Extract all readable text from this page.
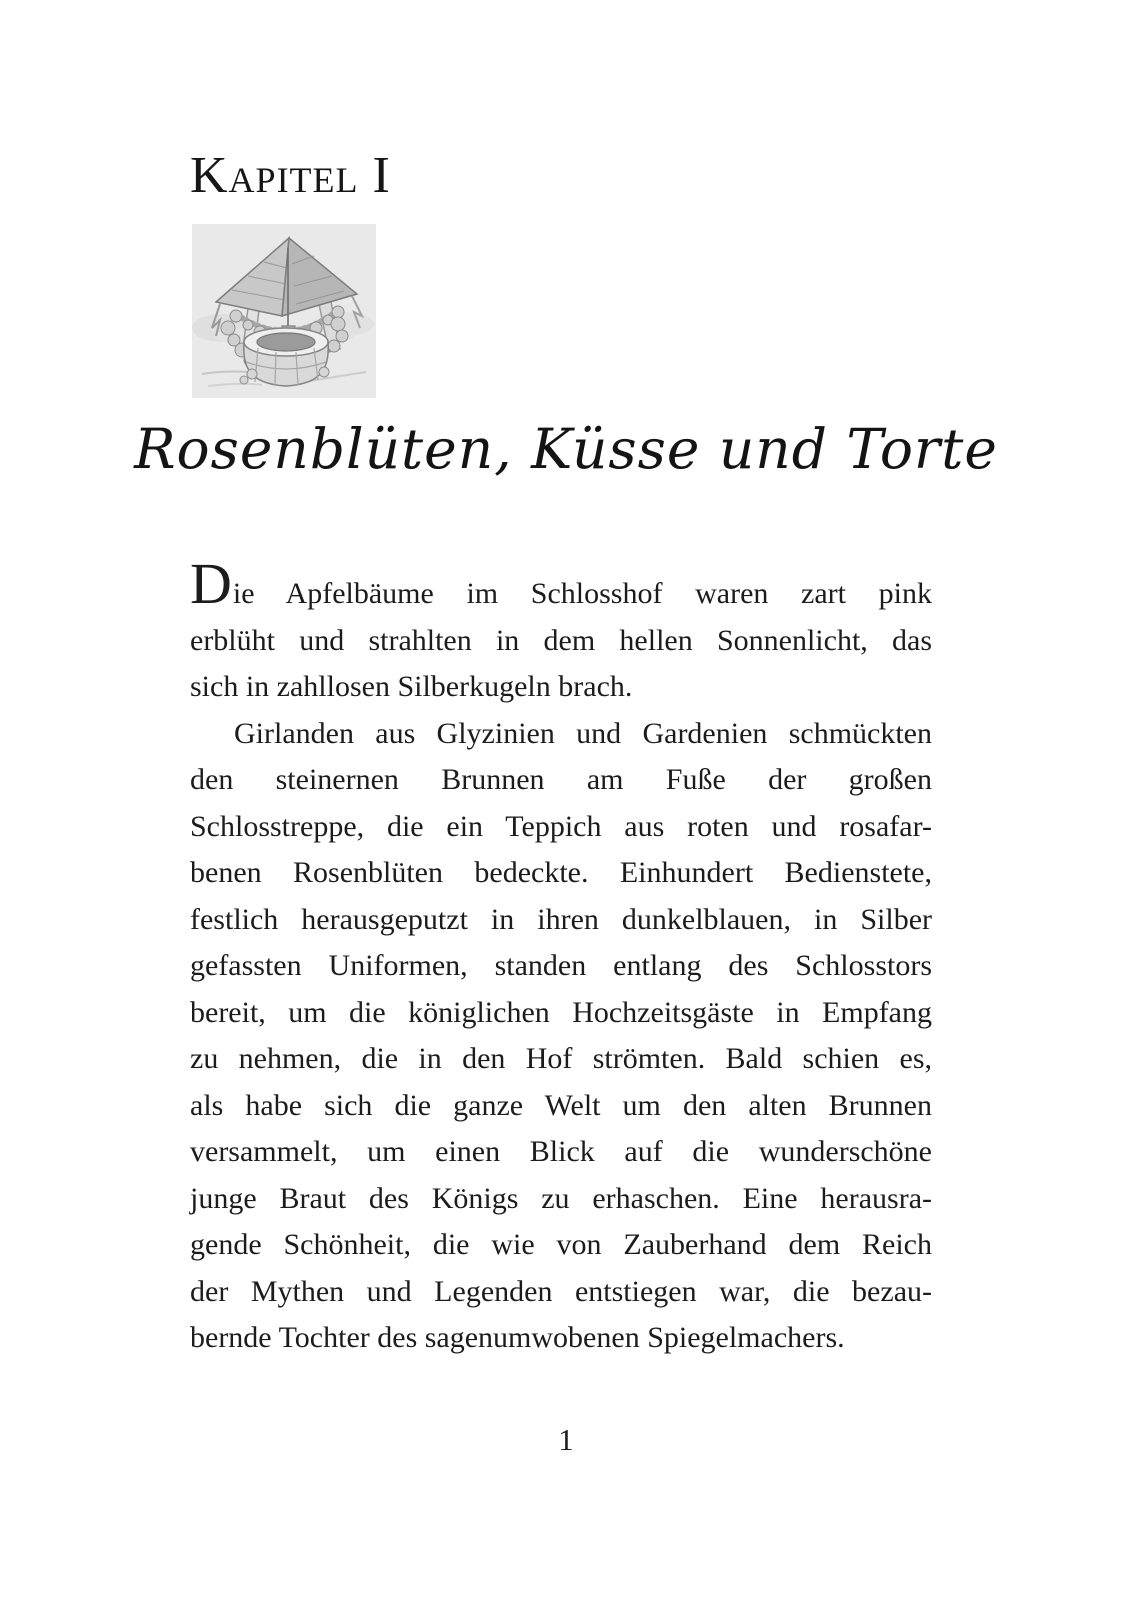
Kapitel I
Rosenblüten, Küsse und Torte
Die Apfelbäume im Schlosshof waren zart pink
erblüht und strahlten in dem hellen Sonnenlicht, das
sich in zahllosen Silberkugeln brach.
Girlanden aus Glyzinien und Gardenien schmückten
den steinernen Brunnen am Fuße der großen
Schlosstreppe, die ein Teppich aus roten und rosafar-
benen Rosenblüten bedeckte. Einhundert Bedienstete,
festlich herausgeputzt in ihren dunkelblauen, in Silber
gefassten Uniformen, standen entlang des Schlosstors
bereit, um die königlichen Hochzeitsgäste in Empfang
zu nehmen, die in den Hof strömten. Bald schien es,
als habe sich die ganze Welt um den alten Brunnen
versammelt, um einen Blick auf die wunderschöne
junge Braut des Königs zu erhaschen. Eine herausra-
gende Schönheit, die wie von Zauberhand dem Reich
der Mythen und Legenden entstiegen war, die bezau-
bernde Tochter des sagenumwobenen Spiegelmachers.
1
